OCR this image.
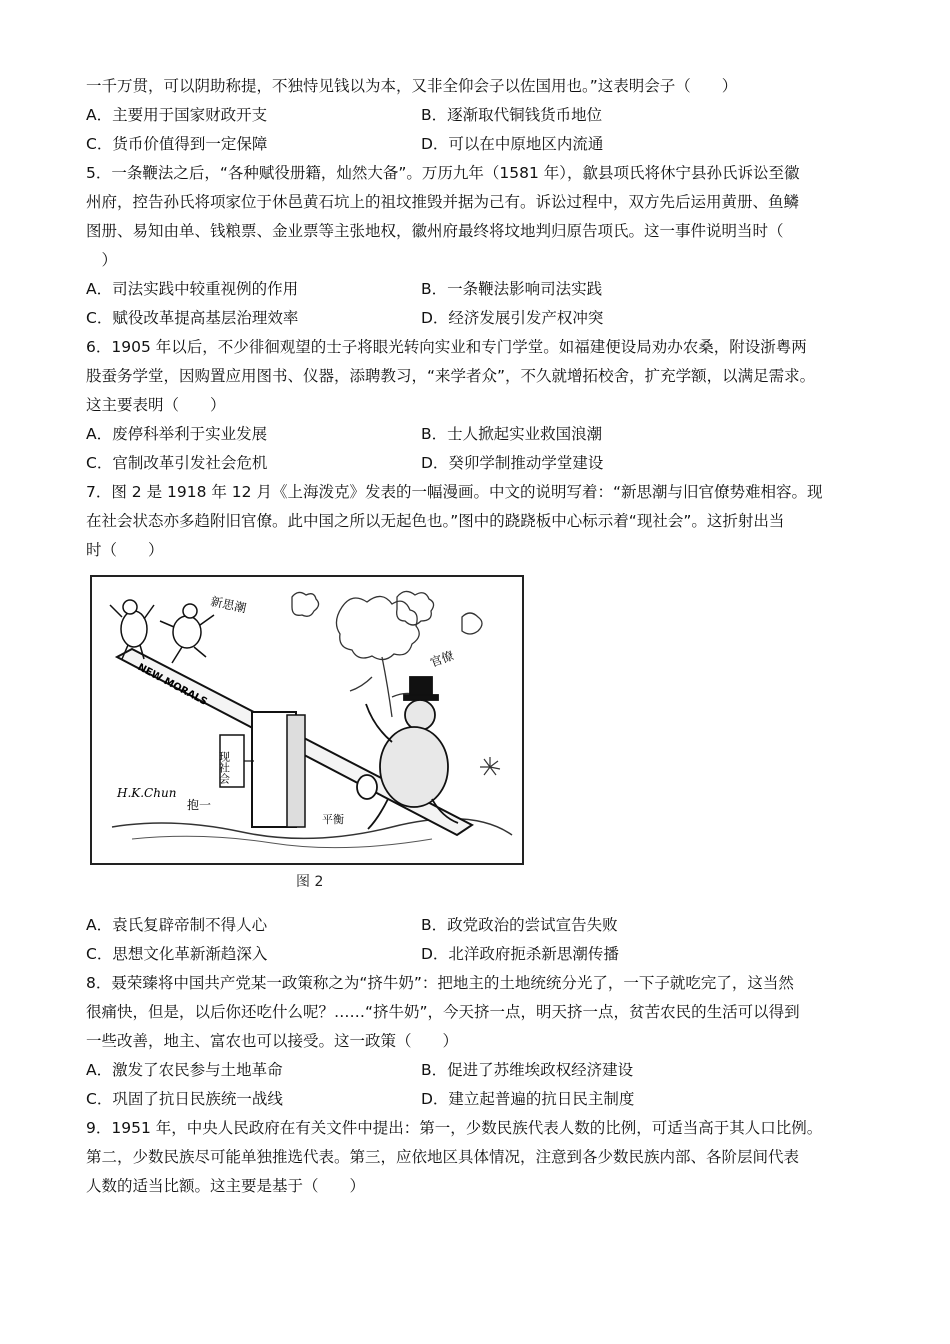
一千万贯，可以阴助称提，不独恃见钱以为本，又非全仰会子以佐国用也。”这表明会子（　　）
A．主要用于国家财政开支	B．逐渐取代铜钱货币地位
C．货币价值得到一定保障	D．可以在中原地区内流通
5．一条鞭法之后，“各种赋役册籍，灿然大备”。万历九年（1581 年），歙县项氏将休宁县孙氏诉讼至徽
州府，控告孙氏将项家位于休邑黄石坑上的祖坟推毁并据为己有。诉讼过程中，双方先后运用黄册、鱼鳞
图册、易知由单、钱粮票、金业票等主张地权，徽州府最终将坟地判归原告项氏。这一事件说明当时（
　）
A．司法实践中较重视例的作用	B．一条鞭法影响司法实践
C．赋役改革提高基层治理效率	D．经济发展引发产权冲突
6．1905 年以后，不少徘徊观望的士子将眼光转向实业和专门学堂。如福建便设局劝办农桑，附设浙粤两
股蚕务学堂，因购置应用图书、仪器，添聘教习，“来学者众”，不久就增拓校舍，扩充学额，以满足需求。
这主要表明（　　）
A．废停科举利于实业发展	B．士人掀起实业救国浪潮
C．官制改革引发社会危机	D．癸卯学制推动学堂建设
7．图 2 是 1918 年 12 月《上海泼克》发表的一幅漫画。中文的说明写着：“新思潮与旧官僚势难相容。现
在社会状态亦多趋附旧官僚。此中国之所以无起色也。”图中的跷跷板中心标示着“现社会”。这折射出当
时（　　）
新思潮
NEW MORALS
现社会
官僚
H.K.Chun
抱一
平衡
图 2
A．袁氏复辟帝制不得人心	B．政党政治的尝试宣告失败
C．思想文化革新渐趋深入	D．北洋政府扼杀新思潮传播
8．聂荣臻将中国共产党某一政策称之为“挤牛奶”：把地主的土地统统分光了，一下子就吃完了，这当然
很痛快，但是，以后你还吃什么呢？……“挤牛奶”，今天挤一点，明天挤一点，贫苦农民的生活可以得到
一些改善，地主、富农也可以接受。这一政策（　　）
A．激发了农民参与土地革命	B．促进了苏维埃政权经济建设
C．巩固了抗日民族统一战线	D．建立起普遍的抗日民主制度
9．1951 年，中央人民政府在有关文件中提出：第一，少数民族代表人数的比例，可适当高于其人口比例。
第二，少数民族尽可能单独推选代表。第三，应依地区具体情况，注意到各少数民族内部、各阶层间代表
人数的适当比额。这主要是基于（　　）
